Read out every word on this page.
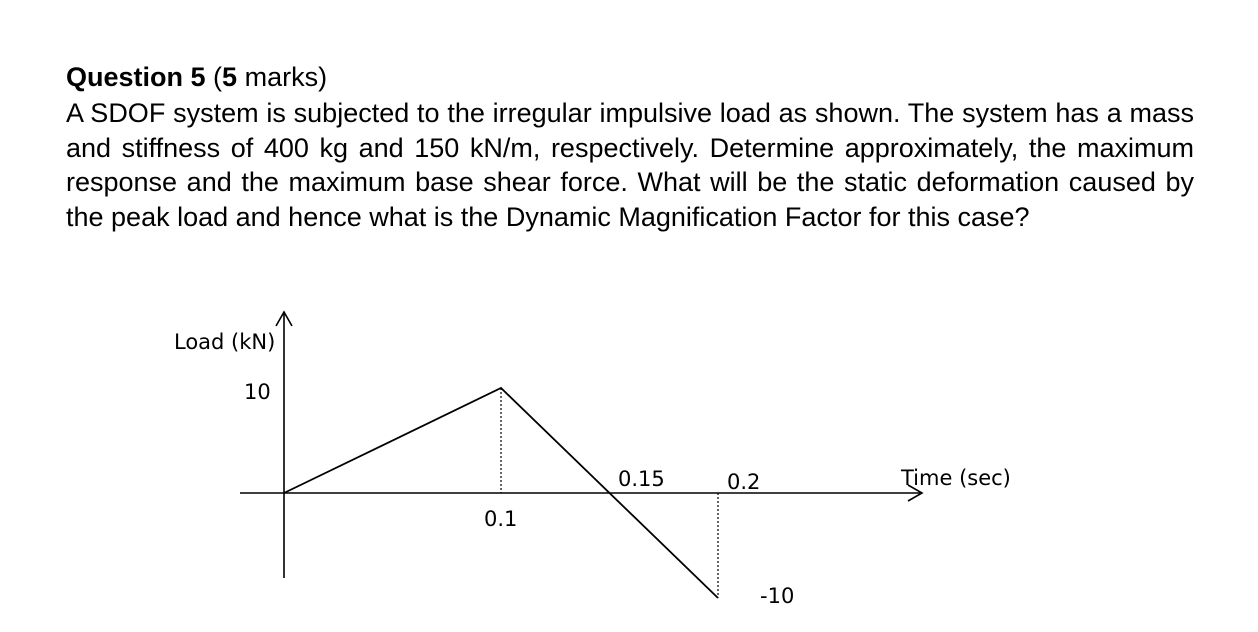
Question 5 (5 marks)

A SDOF system is subjected to the irregular impulsive load as shown. The system has a mass and stiffness of 400 kg and 150 kN/m, respectively. Determine approximately, the maximum response and the maximum base shear force. What will be the static deformation caused by the peak load and hence what is the Dynamic Magnification Factor for this case?

Load (kN)
Time (sec)
10
0.1
0.15	0.2
-10
